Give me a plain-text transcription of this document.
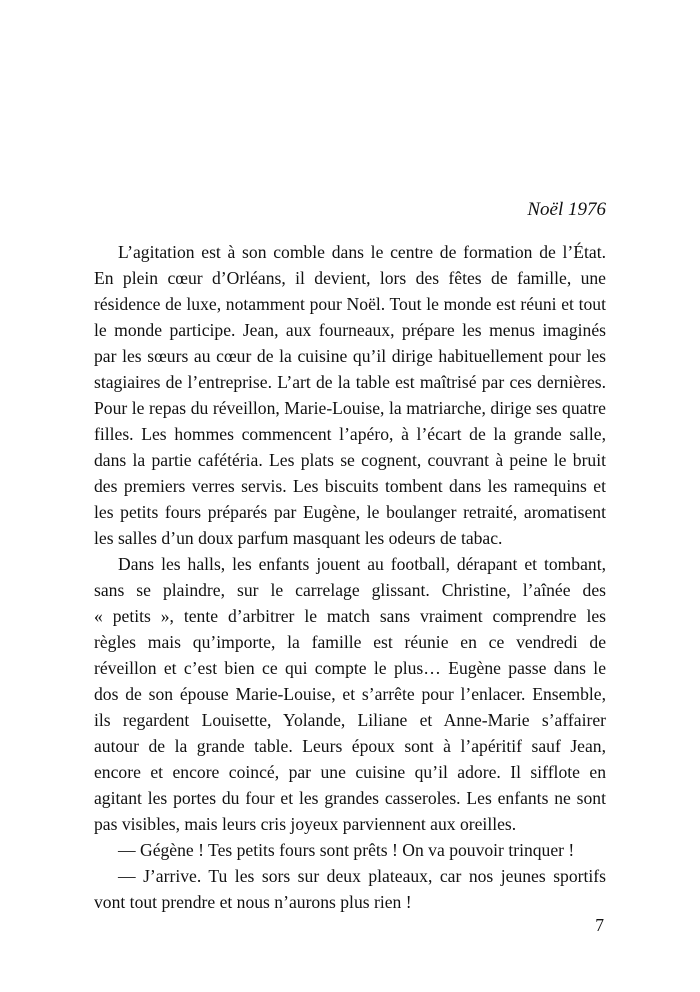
Noël 1976
L’agitation est à son comble dans le centre de formation de l’État.
En plein cœur d’Orléans, il devient, lors des fêtes de famille, une
résidence de luxe, notamment pour Noël. Tout le monde est réuni et tout
le monde participe. Jean, aux fourneaux, prépare les menus imaginés
par les sœurs au cœur de la cuisine qu’il dirige habituellement pour les
stagiaires de l’entreprise. L’art de la table est maîtrisé par ces dernières.
Pour le repas du réveillon, Marie-Louise, la matriarche, dirige ses quatre
filles. Les hommes commencent l’apéro, à l’écart de la grande salle,
dans la partie cafétéria. Les plats se cognent, couvrant à peine le bruit
des premiers verres servis. Les biscuits tombent dans les ramequins et
les petits fours préparés par Eugène, le boulanger retraité, aromatisent
les salles d’un doux parfum masquant les odeurs de tabac.
Dans les halls, les enfants jouent au football, dérapant et tombant,
sans se plaindre, sur le carrelage glissant. Christine, l’aînée des
« petits », tente d’arbitrer le match sans vraiment comprendre les
règles mais qu’importe, la famille est réunie en ce vendredi de
réveillon et c’est bien ce qui compte le plus… Eugène passe dans le
dos de son épouse Marie-Louise, et s’arrête pour l’enlacer. Ensemble,
ils regardent Louisette, Yolande, Liliane et Anne-Marie s’affairer
autour de la grande table. Leurs époux sont à l’apéritif sauf Jean,
encore et encore coincé, par une cuisine qu’il adore. Il sifflote en
agitant les portes du four et les grandes casseroles. Les enfants ne sont
pas visibles, mais leurs cris joyeux parviennent aux oreilles.
— Gégène ! Tes petits fours sont prêts ! On va pouvoir trinquer !
— J’arrive. Tu les sors sur deux plateaux, car nos jeunes sportifs
vont tout prendre et nous n’aurons plus rien !
7
